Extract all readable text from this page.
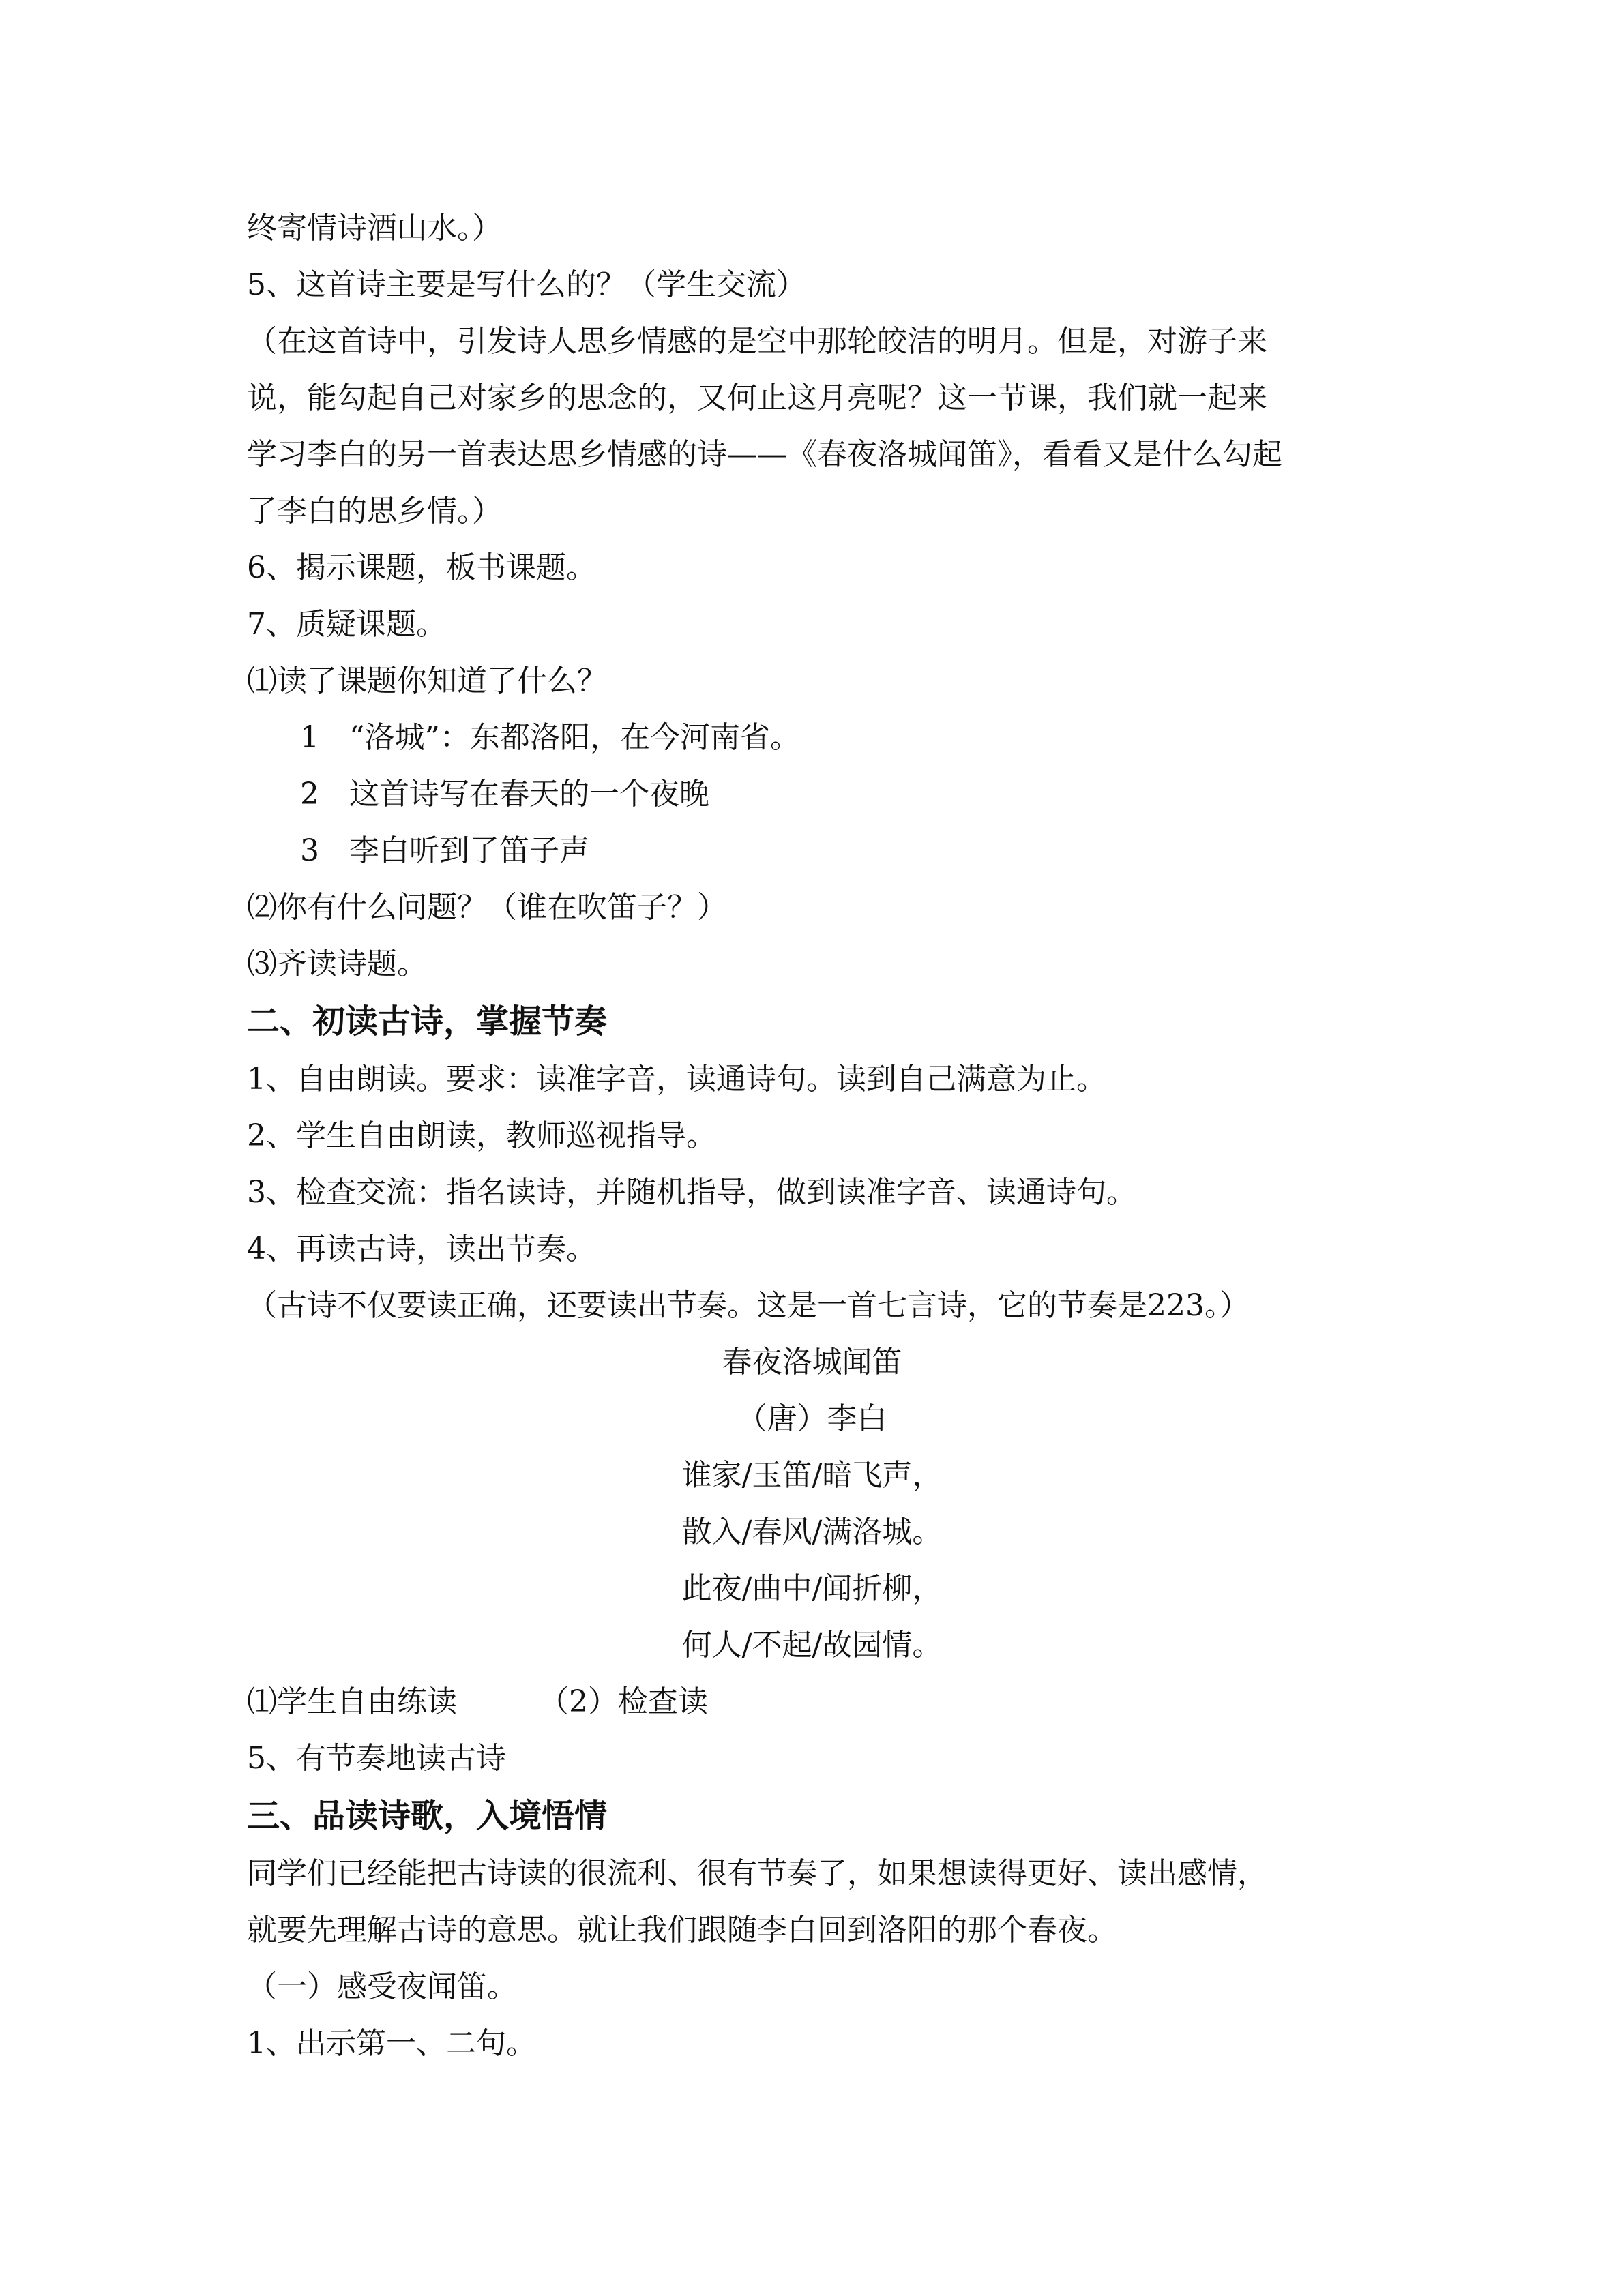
终寄情诗酒山水。）
5、这首诗主要是写什么的？（学生交流）
（在这首诗中，引发诗人思乡情感的是空中那轮皎洁的明月。但是，对游子来
说，能勾起自己对家乡的思念的，又何止这月亮呢？这一节课，我们就一起来
学习李白的另一首表达思乡情感的诗——《春夜洛城闻笛》，看看又是什么勾起
了李白的思乡情。）
6、揭示课题，板书课题。
7、质疑课题。
⑴读了课题你知道了什么？
1　“洛城”：东都洛阳，在今河南省。
2　这首诗写在春天的一个夜晚
3　李白听到了笛子声
⑵你有什么问题？（谁在吹笛子？）
⑶齐读诗题。
二、初读古诗，掌握节奏
1、自由朗读。要求：读准字音，读通诗句。读到自己满意为止。
2、学生自由朗读，教师巡视指导。
3、检查交流：指名读诗，并随机指导，做到读准字音、读通诗句。
4、再读古诗，读出节奏。
（古诗不仅要读正确，还要读出节奏。这是一首七言诗，它的节奏是223。）
春夜洛城闻笛
（唐）李白
谁家/玉笛/暗飞声，
散入/春风/满洛城。
此夜/曲中/闻折柳，
何人/不起/故园情。
⑴学生自由练读	（2）检查读
5、有节奏地读古诗
三、品读诗歌，入境悟情
同学们已经能把古诗读的很流利、很有节奏了，如果想读得更好、读出感情，
就要先理解古诗的意思。就让我们跟随李白回到洛阳的那个春夜。
（一）感受夜闻笛。
1、出示第一、二句。
